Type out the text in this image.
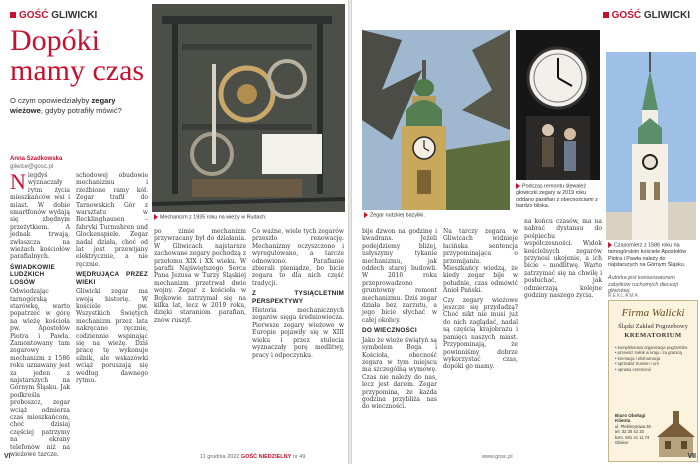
GOŚĆ GLIWICKI
Dopóki mamy czas
O czym opowiedziałyby zegary wieżowe, gdyby potrafiły mówić?
Anna Szadkowska
gliwice@gosc.pl
Mechanizm z 1935 roku na wieży w Rudach.
N iegdyś wyznaczały rytm życia mieszkańców wsi i miast. W dobie smartfonów wydają się zbędnym przeżytkiem. A jednak trwają, zwłaszcza na wieżach kościołów parafialnych.

ŚWIADKOWIE LUDZKICH LOSÓW

Odwiedzając tarnogórską starówkę, warto popatrzeć w górę na wieżę kościoła pw. Apostołów Piotra i Pawła. Zamontowany tam zegarowy mechanizm z 1586 roku uznawany jest za jeden z najstarszych na Górnym Śląsku. Jak podkreśla proboszcz, zegar wciąż odmierza czas mieszkańcom, choć dzisiaj częściej patrzymy na ekrany telefonów niż na wieżowe tarcze.

schodowej obudowie mechanizmu i rzeźbione ramy kół. Zegar trafił do Tarnowskich Gór z warsztatu w Recklinghausen – fabryki Turmuhren und Glockenspiele. Zegar nadal działa, choć od lat jest przewijany elektrycznie, a nie ręcznie.

WĘDRUJĄCA PRZEZ WIEKI

Gliwicki zegar ma swoją historię. W kościele pw. Wszystkich Świętych mechanizm przez lata nakręcano ręcznie, codziennie wspinając się na wieżę. Dziś pracę tę wykonuje silnik, ale wskazówki wciąż poruszają się według dawnego rytmu.

po zimie mechanizm przywracany był do działania. W Gliwicach najstarsze zachowane zegary pochodzą z przełomu XIX i XX wieku. W parafii Najświętszego Serca Pana Jezusa w Turzy Śląskiej mechanizm przetrwał dwie wojny. Zegar z kościoła w Bojkowie zatrzymał się na kilka lat, lecz w 2019 roku, dzięki staraniom parafian, znów ruszył.

Co ważne, wiele tych zegarów przeszło renowację. Mechanizmy oczyszczono i wyregulowano, a tarcze odnowiono. Parafianie zbierali pieniądze, bo bicie zegara to dla nich część tradycji.

Z TYSIĄCLETNIM PERSPEKTYWY

Historia mechanicznych zegarów sięga średniowiecza. Pierwsze zegary wieżowe w Europie pojawiły się w XIII wieku i przez stulecia wyznaczały porę modlitwy, pracy i odpoczynku.

VI	11 grudnia 2022 GOŚĆ NIEDZIELNY nr 49
GOŚĆ GLIWICKI
Zegar rudzkiej bazyliki.
Podczas remontu ślęwależ głowiczki zegary w 2019 roku oddano parafian z obecnościami z bardzo bliska.
Czasomierz z 1586 roku na tarnogórskim kościele Apostołów Piotra i Pawła należy do najstarszych na Górnym Śląsku.
Autorka jest konserwatorem zabytków ruchomych diecezji gliwickiej.

bije dzwon na godzinę i kwadrans. Jeżeli podejdziemy bliżej, usłyszymy tykanie mechanizmu, jak oddech starej budowli. W 2016 roku przeprowadzono gruntowny remont mechanizmu. Dziś zegar działa bez zarzutu, a jego bicie słychać w całej okolicy.

DO WIECZNOŚCI

Jako że wieże świątyń są symbolem Boga i Kościoła, obecność zegara w tym miejscu ma szczególną wymowę. Czas nie należy do nas, lecz jest darem. Zegar przypomina, że każda godzina przybliża nas do wieczności.

Na tarczy zegara w Gliwicach widnieje łacińska sentencja przypominająca o przemijaniu. Mieszkańcy wiedzą, że kiedy zegar bije w południe, czas odmówić Anioł Pański.

Czy zegary wieżowe jeszcze się przydadzą? Choć nikt nie musi już do nich zaglądać, nadal są częścią krajobrazu i pamięci naszych miast. Przypominają, że powinniśmy dobrze wykorzystać czas, dopóki go mamy.

na końcu czasów, ma na nabrać dystansu do pośpiechu współczesności. Widok kościelnych zegarów przynosi ukojenie, a ich bicie – modlitwę. Warto zatrzymać się na chwilę i posłuchać, jak odmierzają kolejne godziny naszego życia.	REKLAMA
Firma Walicki
Śląski Zakład Pogrzebowy
KREMATORIUM
• kompleksowa organizacja pogrzebów
• przewóz zwłok w kraju i za granicą
• kremacja i ekshumacja
• sprzedaż trumien i urn
• oprawa ceremonii
Biuro Obsługi Klienta
ul. Plebiscytowa 36
tel. 32 30 42 33
kom. 601 41 11 74
Gliwice
www.gosc.pl	VII
